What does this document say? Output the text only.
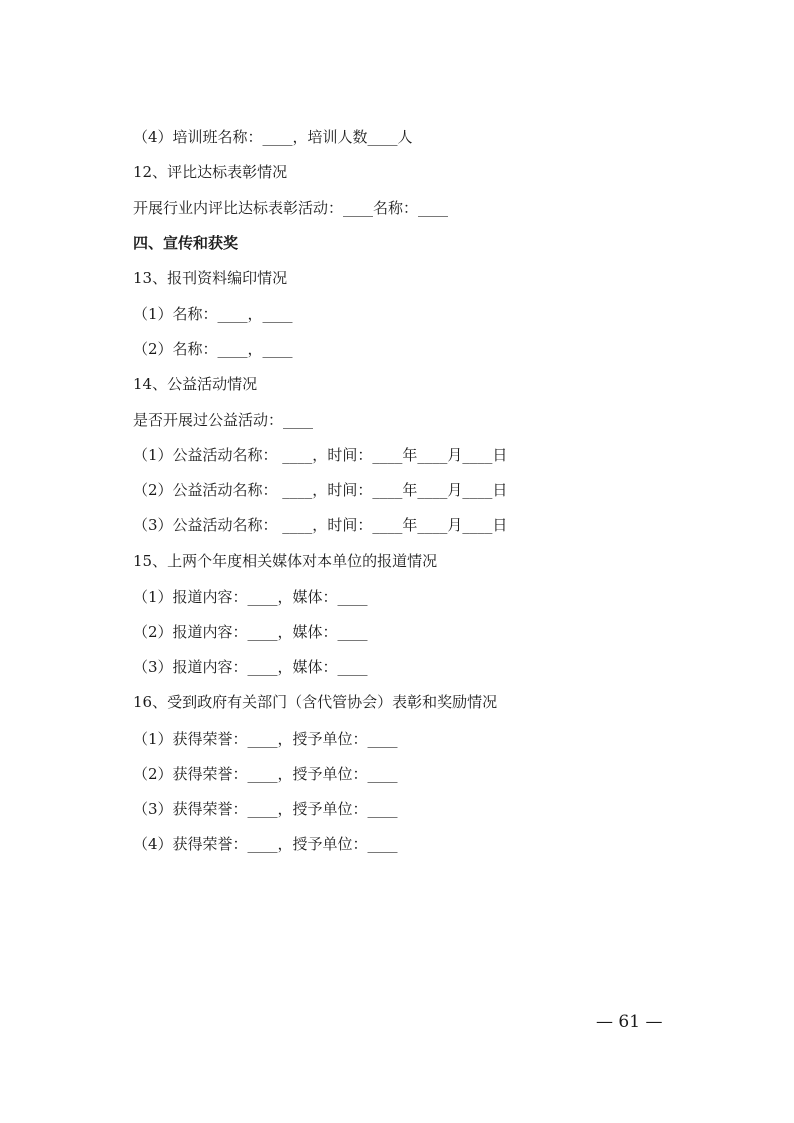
（4）培训班名称：____，培训人数____人
12、评比达标表彰情况
开展行业内评比达标表彰活动：____名称：____
四、宣传和获奖
13、报刊资料编印情况
（1）名称：____，____
（2）名称：____，____
14、公益活动情况
是否开展过公益活动：____
（1）公益活动名称： ____，时间：____年____月____日
（2）公益活动名称： ____，时间：____年____月____日
（3）公益活动名称： ____，时间：____年____月____日
15、上两个年度相关媒体对本单位的报道情况
（1）报道内容：____，媒体：____
（2）报道内容：____，媒体：____
（3）报道内容：____，媒体：____
16、受到政府有关部门（含代管协会）表彰和奖励情况
（1）获得荣誉：____，授予单位：____
（2）获得荣誉：____，授予单位：____
（3）获得荣誉：____，授予单位：____
（4）获得荣誉：____，授予单位：____
— 61 —
